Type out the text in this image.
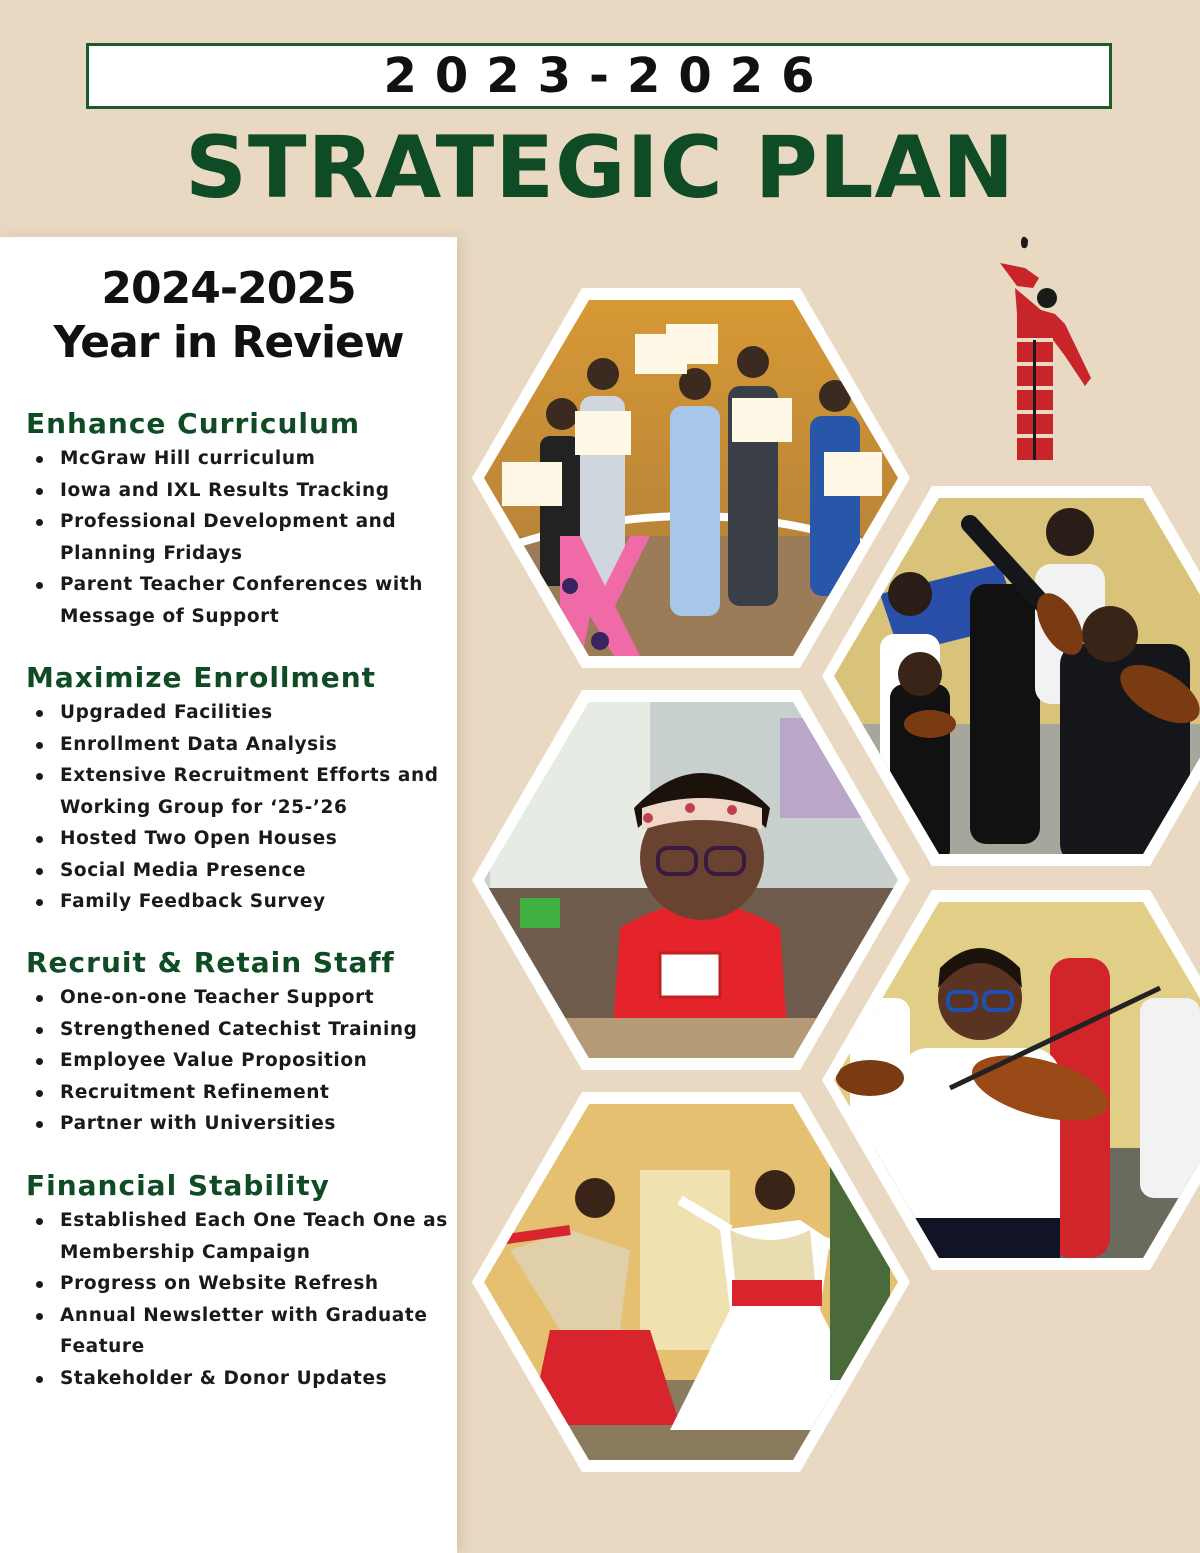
2023-2026
STRATEGIC PLAN
2024-2025
Year in Review
Enhance Curriculum
McGraw Hill curriculum
Iowa and IXL Results Tracking
Professional Development and Planning Fridays
Parent Teacher Conferences with Message of Support
Maximize Enrollment
Upgraded Facilities
Enrollment Data Analysis
Extensive Recruitment Efforts and Working Group for ‘25-’26
Hosted Two Open Houses
Social Media Presence
Family Feedback Survey
Recruit & Retain Staff
One-on-one Teacher Support
Strengthened Catechist Training
Employee Value Proposition
Recruitment Refinement
Partner with Universities
Financial Stability
Established Each One Teach One as Membership Campaign
Progress on Website Refresh
Annual Newsletter with Graduate Feature
Stakeholder & Donor Updates
